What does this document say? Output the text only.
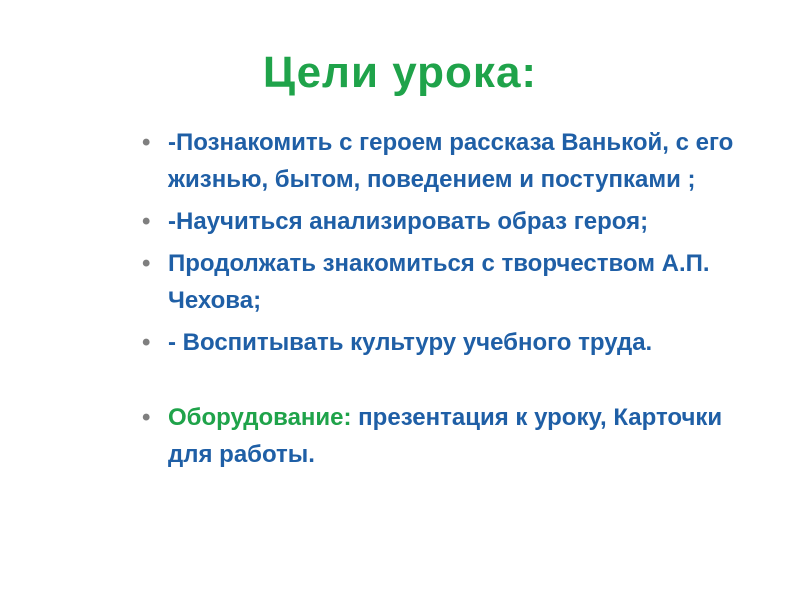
Цели урока:
• -Познакомить с героем рассказа Ванькой, с его жизнью, бытом, поведением и поступками ;
• -Научиться анализировать образ героя;
• Продолжать знакомиться с творчеством А.П. Чехова;
• - Воспитывать культуру учебного труда.
• Оборудование: презентация к уроку, Карточки для работы.
